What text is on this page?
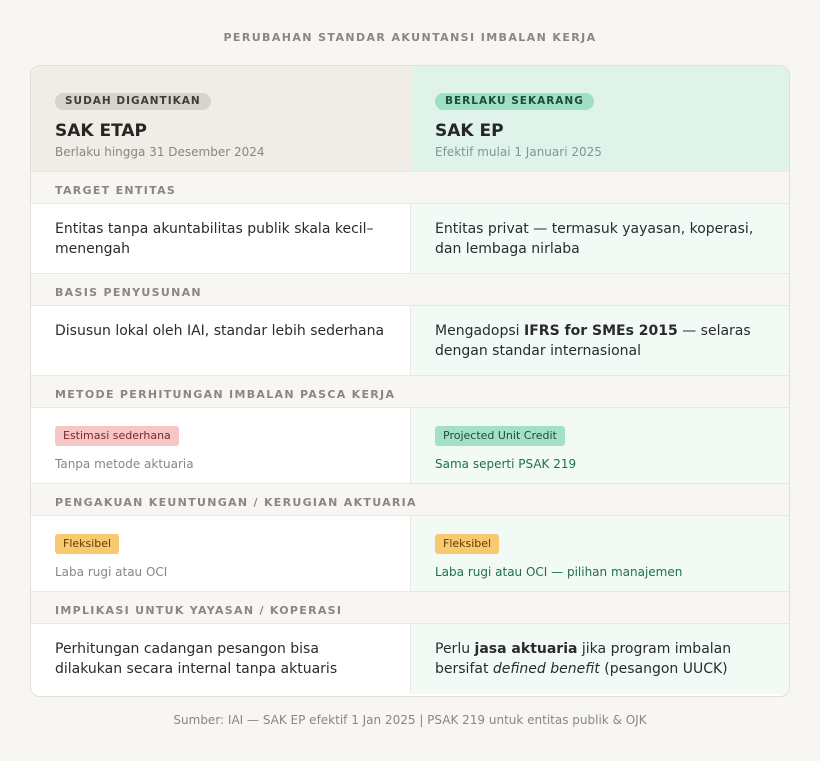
PERUBAHAN STANDAR AKUNTANSI IMBALAN KERJA
SUDAH DIGANTIKAN
SAK ETAP
Berlaku hingga 31 Desember 2024
BERLAKU SEKARANG
SAK EP
Efektif mulai 1 Januari 2025
TARGET ENTITAS
Entitas tanpa akuntabilitas publik skala kecil–menengah
Entitas privat — termasuk yayasan, koperasi, dan lembaga nirlaba
BASIS PENYUSUNAN
Disusun lokal oleh IAI, standar lebih sederhana	Mengadopsi IFRS for SMEs 2015 — selaras dengan standar internasional
METODE PERHITUNGAN IMBALAN PASCA KERJA
Estimasi sederhana
Tanpa metode aktuaria
Projected Unit Credit
Sama seperti PSAK 219
PENGAKUAN KEUNTUNGAN / KERUGIAN AKTUARIA
Fleksibel
Laba rugi atau OCI
Fleksibel
Laba rugi atau OCI — pilihan manajemen
IMPLIKASI UNTUK YAYASAN / KOPERASI
Perhitungan cadangan pesangon bisa dilakukan secara internal tanpa aktuaris
Perlu jasa aktuaria jika program imbalan bersifat defined benefit (pesangon UUCK)
Sumber: IAI — SAK EP efektif 1 Jan 2025 | PSAK 219 untuk entitas publik & OJK
